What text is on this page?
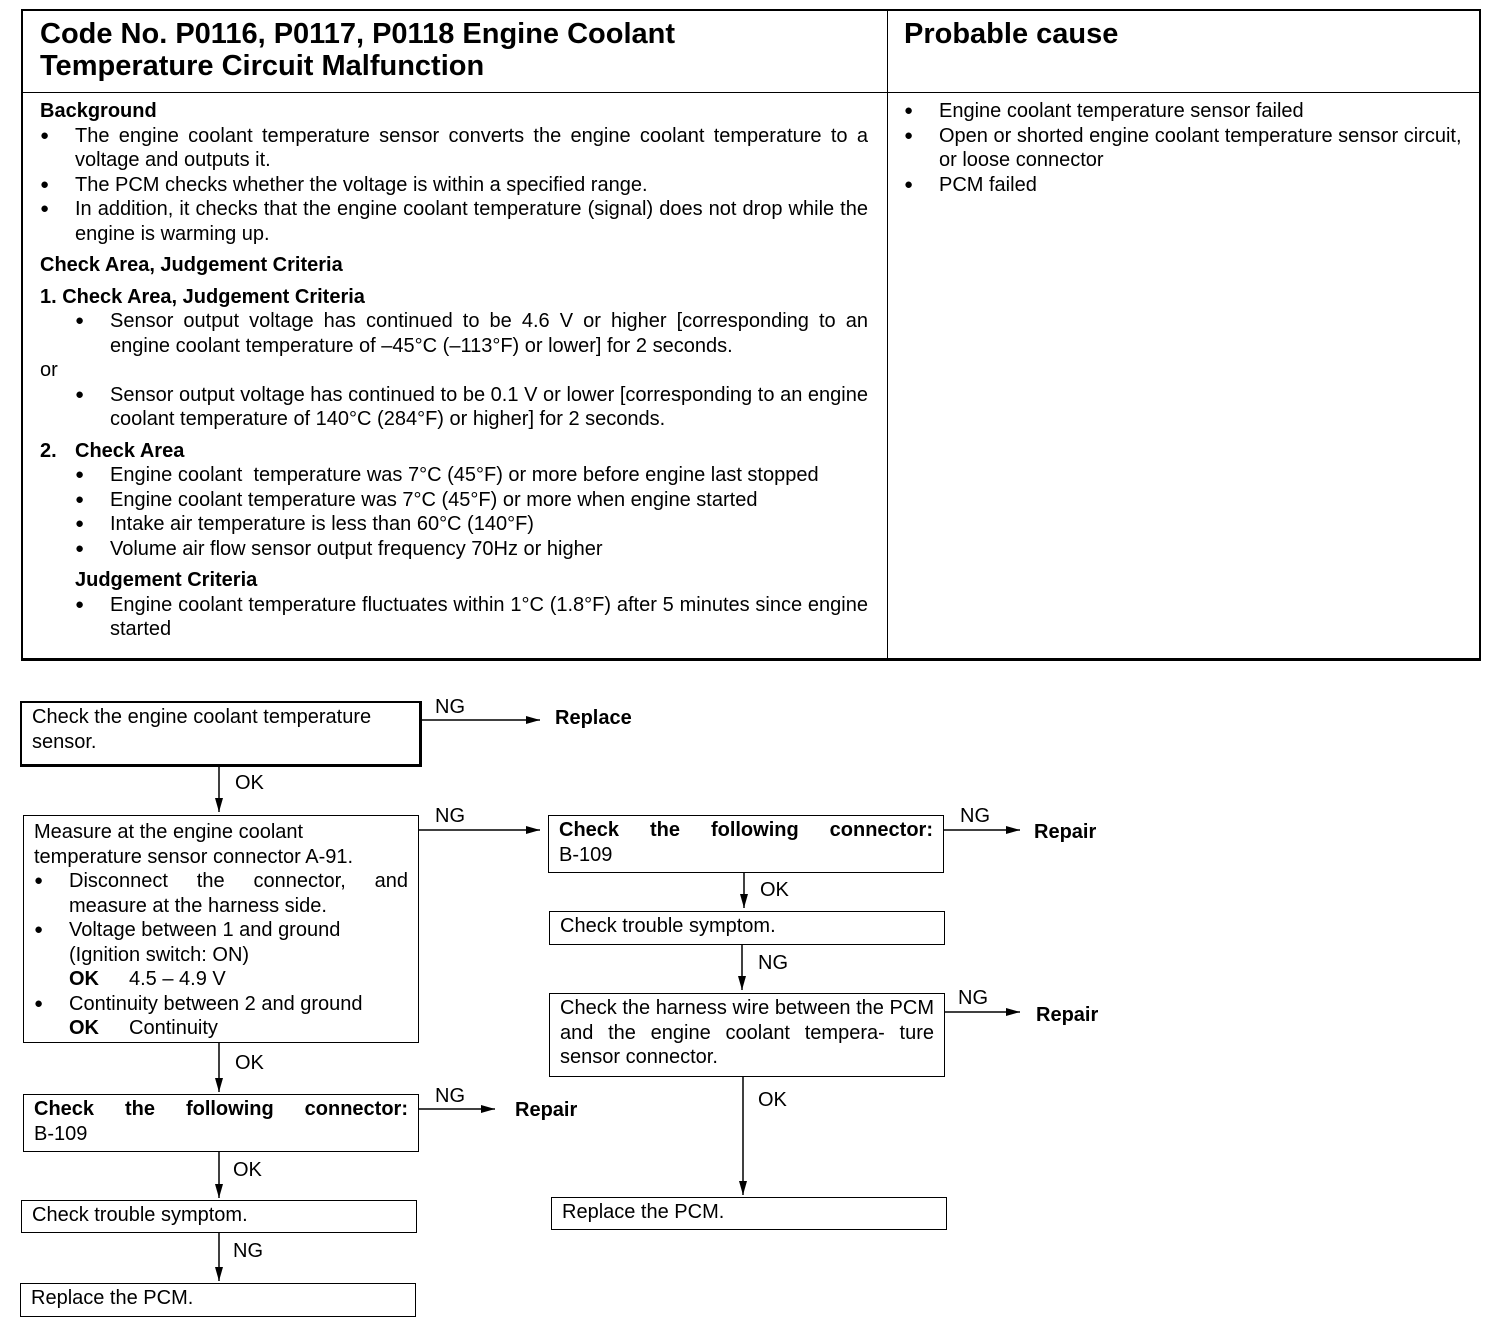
Code No. P0116, P0117, P0118 Engine Coolant
Temperature Circuit Malfunction
Probable cause
Background
● The engine coolant temperature sensor converts the engine coolant temperature to a voltage and outputs it.
● The PCM checks whether the voltage is within a specified range.
● In addition, it checks that the engine coolant temperature (signal) does not drop while the engine is warming up.
Check Area, Judgement Criteria
1. Check Area, Judgement Criteria
● Sensor output voltage has continued to be 4.6 V or higher [corresponding to an engine coolant temperature of –45°C (–113°F) or lower] for 2 seconds.
or
● Sensor output voltage has continued to be 0.1 V or lower [corresponding to an engine coolant temperature of 140°C (284°F) or higher] for 2 seconds.
2. Check Area
● Engine coolant  temperature was 7°C (45°F) or more before engine last stopped
● Engine coolant temperature was 7°C (45°F) or more when engine started
● Intake air temperature is less than 60°C (140°F)
● Volume air flow sensor output frequency 70Hz or higher
Judgement Criteria
● Engine coolant temperature fluctuates within 1°C (1.8°F) after 5 minutes since engine started
● Engine coolant temperature sensor failed
● Open or shorted engine coolant temperature sensor circuit, or loose connector
● PCM failed
Check the engine coolant temperature sensor.
Measure at the engine coolant temperature sensor connector A-91.
● Disconnect the connector, and measure at the harness side.
● Voltage between 1 and ground (Ignition switch: ON)
OK 4.5 – 4.9 V
● Continuity between 2 and ground
OK Continuity
Check the following connector:
B-109
Check trouble symptom.
Check the harness wire between the PCM and the engine coolant tempera- ture sensor connector.
Replace the PCM.
Check the following connector:
B-109
Check trouble symptom.
Replace the PCM.
NG	Replace
OK
NG	NG
Repair
OK
NG
NG
Repair
OK
OK
NG
Repair
OK
NG
